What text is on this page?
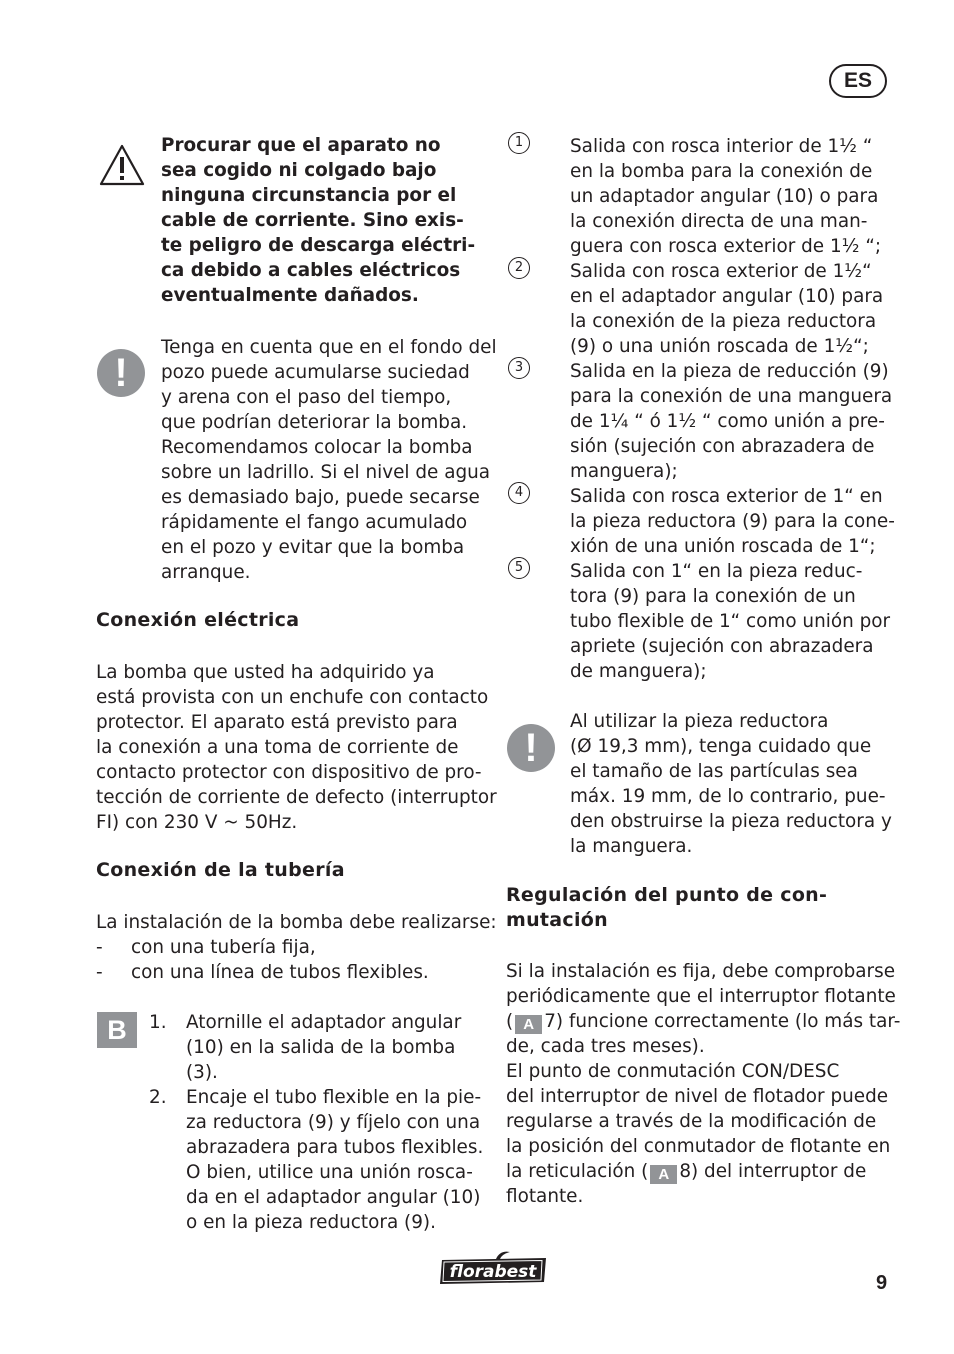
ES
Procurar que el aparato no
sea cogido ni colgado bajo
ninguna circunstancia por el
cable de corriente. Sino exis-
te peligro de descarga eléctri-
ca debido a cables eléctricos
eventualmente dañados.
!
Tenga en cuenta que en el fondo del
pozo puede acumularse suciedad
y arena con el paso del tiempo,
que podrían deteriorar la bomba.
Recomendamos colocar la bomba
sobre un ladrillo. Si el nivel de agua
es demasiado bajo, puede secarse
rápidamente el fango acumulado
en el pozo y evitar que la bomba
arranque.
Conexión eléctrica
La bomba que usted ha adquirido ya
está provista con un enchufe con contacto
protector. El aparato está previsto para
la conexión a una toma de corriente de
contacto protector con dispositivo de pro-
tección de corriente de defecto (interruptor
FI) con 230 V ~ 50Hz.
Conexión de la tubería
La instalación de la bomba debe realizarse:
- con una tubería fija,
- con una línea de tubos flexibles.
B	1. Atornille el adaptador angular
(10) en la salida de la bomba
(3).
2. Encaje el tubo flexible en la pie-
za reductora (9) y fíjelo con una
abrazadera para tubos flexibles.
O bien, utilice una unión rosca-
da en el adaptador angular (10)
o en la pieza reductora (9).
1	Salida con rosca interior de 1½ “
en la bomba para la conexión de
un adaptador angular (10) o para
la conexión directa de una man-
guera con rosca exterior de 1½ “;
2	Salida con rosca exterior de 1½“
en el adaptador angular (10) para
la conexión de la pieza reductora
(9) o una unión roscada de 1½“;
3	Salida en la pieza de reducción (9)
para la conexión de una manguera
de 1¼ “ ó 1½ “ como unión a pre-
sión (sujeción con abrazadera de
manguera);
4	Salida con rosca exterior de 1“ en
la pieza reductora (9) para la cone-
xión de una unión roscada de 1“;
5	Salida con 1“ en la pieza reduc-
tora (9) para la conexión de un
tubo flexible de 1“ como unión por
apriete (sujeción con abrazadera
de manguera);
!
Al utilizar la pieza reductora
(Ø 19,3 mm), tenga cuidado que
el tamaño de las partículas sea
máx. 19 mm, de lo contrario, pue-
den obstruirse la pieza reductora y
la manguera.
Regulación del punto de con-
mutación
Si la instalación es fija, debe comprobarse
periódicamente que el interruptor flotante
( A 7) funcione correctamente (lo más tar-
de, cada tres meses).
El punto de conmutación CON/DESC
del interruptor de nivel de flotador puede
regularse a través de la modificación de
la posición del conmutador de flotante en
la reticulación ( A 8) del interruptor de
flotante.
florabest	9
